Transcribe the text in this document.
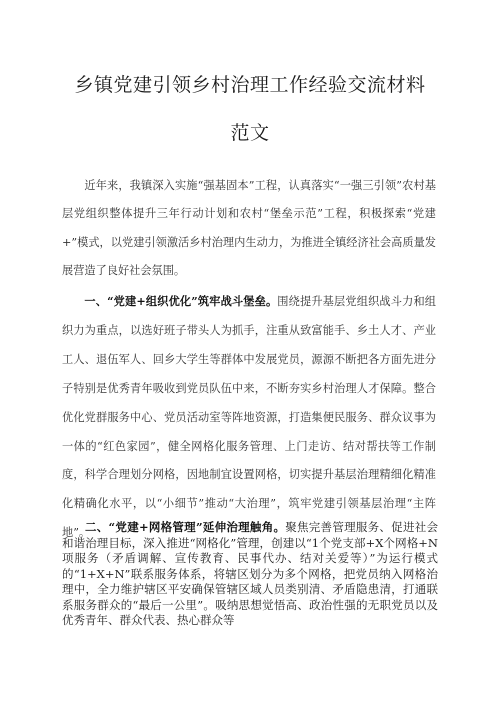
乡镇党建引领乡村治理工作经验交流材料
范文

近年来，我镇深入实施“强基固本”工程，认真落实“一强三引领”农村基层党组织整体提升三年行动计划和农村“堡垒示范”工程，积极探索“党建+”模式，以党建引领激活乡村治理内生动力，为推进全镇经济社会高质量发展营造了良好社会氛围。

一、“党建+组织优化”筑牢战斗堡垒。围绕提升基层党组织战斗力和组织力为重点，以选好班子带头人为抓手，注重从致富能手、乡土人才、产业工人、退伍军人、回乡大学生等群体中发展党员，源源不断把各方面先进分子特别是优秀青年吸收到党员队伍中来，不断夯实乡村治理人才保障。整合优化党群服务中心、党员活动室等阵地资源，打造集便民服务、群众议事为一体的“红色家园”，健全网格化服务管理、上门走访、结对帮扶等工作制度，科学合理划分网格，因地制宜设置网格，切实提升基层治理精细化精准化精确化水平，以“小细节”推动“大治理”，筑牢党建引领基层治理“主阵地”。

二、“党建+网格管理”延伸治理触角。聚焦完善管理服务、促进社会和谐治理目标，深入推进“网格化”管理，创建以“1个党支部+X个网格+N项服务（矛盾调解、宣传教育、民事代办、结对关爱等）”为运行模式的“1+X+N”联系服务体系，将辖区划分为多个网格，把党员纳入网格治理中，全力维护辖区平安确保管辖区域人员类别清、矛盾隐患清，打通联系服务群众的“最后一公里”。吸纳思想觉悟高、政治性强的无职党员以及优秀青年、群众代表、热心群众等
